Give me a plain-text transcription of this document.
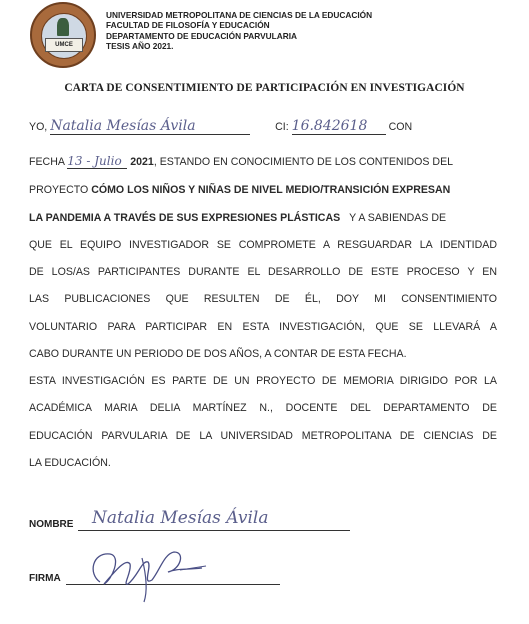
UMCE
UNIVERSIDAD METROPOLITANA DE CIENCIAS DE LA EDUCACIÓN
FACULTAD DE FILOSOFÍA Y EDUCACIÓN
DEPARTAMENTO DE EDUCACIÓN PARVULARIA
TESIS AÑO 2021.
CARTA DE CONSENTIMIENTO DE PARTICIPACIÓN EN INVESTIGACIÓN
YO, Natalia Mesías Ávila	CI: 16.842618 CON
FECHA 13 - Julio 2021, ESTANDO EN CONOCIMIENTO DE LOS CONTENIDOS DEL
PROYECTO CÓMO LOS NIÑOS Y NIÑAS DE NIVEL MEDIO/TRANSICIÓN EXPRESAN
LA PANDEMIA A TRAVÉS DE SUS EXPRESIONES PLÁSTICAS Y A SABIENDAS DE
QUE EL EQUIPO INVESTIGADOR SE COMPROMETE A RESGUARDAR LA IDENTIDAD
DE LOS/AS PARTICIPANTES DURANTE EL DESARROLLO DE ESTE PROCESO Y EN
LAS PUBLICACIONES QUE RESULTEN DE ÉL, DOY MI CONSENTIMIENTO
VOLUNTARIO PARA PARTICIPAR EN ESTA INVESTIGACIÓN, QUE SE LLEVARÁ A
CABO DURANTE UN PERIODO DE DOS AÑOS, A CONTAR DE ESTA FECHA.
ESTA INVESTIGACIÓN ES PARTE DE UN PROYECTO DE MEMORIA DIRIGIDO POR LA
ACADÉMICA MARIA DELIA MARTÍNEZ N., DOCENTE DEL DEPARTAMENTO DE
EDUCACIÓN PARVULARIA DE LA UNIVERSIDAD METROPOLITANA DE CIENCIAS DE
LA EDUCACIÓN.
NOMBRE Natalia Mesías Ávila
FIRMA
